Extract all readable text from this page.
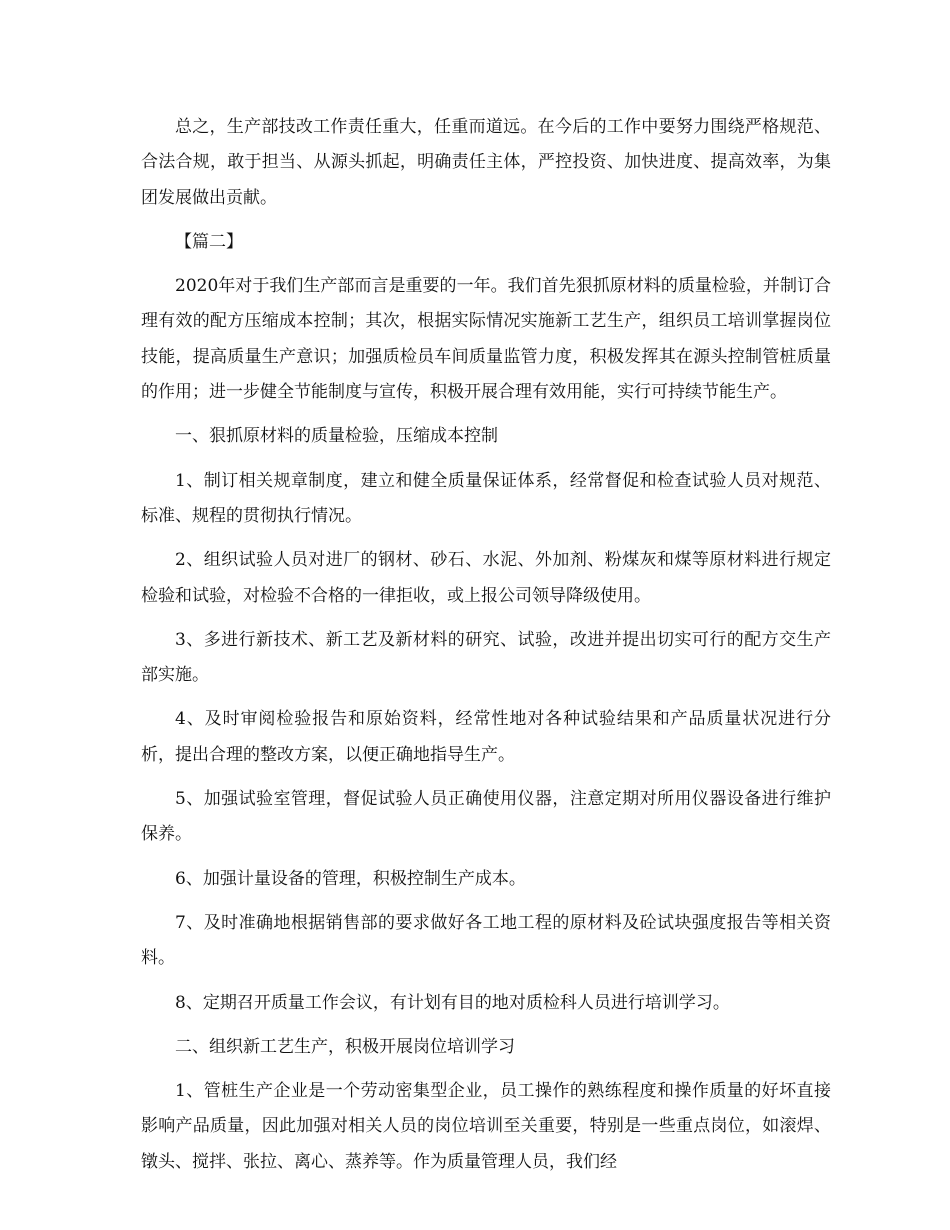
总之，生产部技改工作责任重大，任重而道远。在今后的工作中要努力围绕严格规范、合法合规，敢于担当、从源头抓起，明确责任主体，严控投资、加快进度、提高效率，为集团发展做出贡献。

【篇二】

2020年对于我们生产部而言是重要的一年。我们首先狠抓原材料的质量检验，并制订合理有效的配方压缩成本控制；其次，根据实际情况实施新工艺生产，组织员工培训掌握岗位技能，提高质量生产意识；加强质检员车间质量监管力度，积极发挥其在源头控制管桩质量的作用；进一步健全节能制度与宣传，积极开展合理有效用能，实行可持续节能生产。

一、狠抓原材料的质量检验，压缩成本控制

1、制订相关规章制度，建立和健全质量保证体系，经常督促和检查试验人员对规范、标准、规程的贯彻执行情况。

2、组织试验人员对进厂的钢材、砂石、水泥、外加剂、粉煤灰和煤等原材料进行规定检验和试验，对检验不合格的一律拒收，或上报公司领导降级使用。

3、多进行新技术、新工艺及新材料的研究、试验，改进并提出切实可行的配方交生产部实施。

4、及时审阅检验报告和原始资料，经常性地对各种试验结果和产品质量状况进行分析，提出合理的整改方案，以便正确地指导生产。

5、加强试验室管理，督促试验人员正确使用仪器，注意定期对所用仪器设备进行维护保养。

6、加强计量设备的管理，积极控制生产成本。

7、及时准确地根据销售部的要求做好各工地工程的原材料及砼试块强度报告等相关资料。

8、定期召开质量工作会议，有计划有目的地对质检科人员进行培训学习。

二、组织新工艺生产，积极开展岗位培训学习

1、管桩生产企业是一个劳动密集型企业，员工操作的熟练程度和操作质量的好坏直接影响产品质量，因此加强对相关人员的岗位培训至关重要，特别是一些重点岗位，如滚焊、镦头、搅拌、张拉、离心、蒸养等。作为质量管理人员，我们经
